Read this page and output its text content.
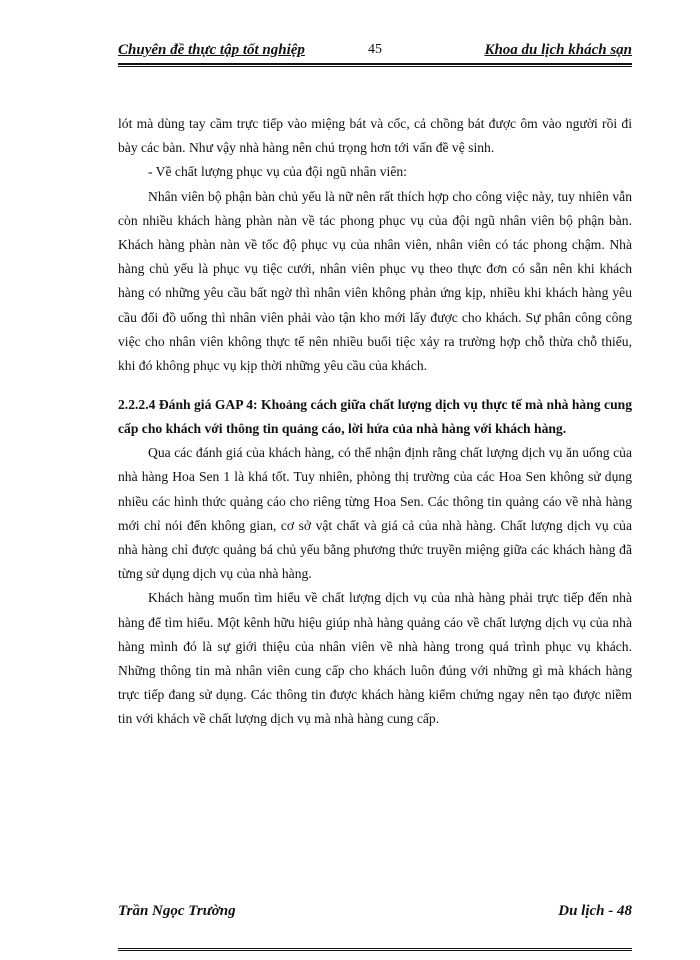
Chuyên đề thực tập tốt nghiệp	45	Khoa du lịch khách sạn

lót mà dùng tay cầm trực tiếp vào miệng bát và cốc, cả chồng bát được ôm vào người rồi đi bày các bàn. Như vậy nhà hàng nên chú trọng hơn tới vấn đề vệ sinh.

- Về chất lượng phục vụ của đội ngũ nhân viên:

Nhân viên bộ phận bàn chủ yếu là nữ nên rất thích hợp cho công việc này, tuy nhiên vẫn còn nhiều khách hàng phàn nàn về tác phong phục vụ của đội ngũ nhân viên bộ phận bàn. Khách hàng phàn nàn về tốc độ phục vụ của nhân viên, nhân viên có tác phong chậm. Nhà hàng chủ yếu là phục vụ tiệc cưới, nhân viên phục vụ theo thực đơn có sẵn nên khi khách hàng có những yêu cầu bất ngờ thì nhân viên không phản ứng kịp, nhiều khi khách hàng yêu cầu đổi đồ uống thì nhân viên phải vào tận kho mới lấy được cho khách. Sự phân công công việc cho nhân viên không thực tế nên nhiều buổi tiệc xảy ra trường hợp chỗ thừa chỗ thiếu, khi đó không phục vụ kịp thời những yêu cầu của khách.

2.2.2.4 Đánh giá GAP 4: Khoảng cách giữa chất lượng dịch vụ thực tế mà nhà hàng cung cấp cho khách với thông tin quảng cáo, lời hứa của nhà hàng với khách hàng.

Qua các đánh giá của khách hàng, có thể nhận định rằng chất lượng dịch vụ ăn uống của nhà hàng Hoa Sen 1 là khá tốt. Tuy nhiên, phòng thị trường của các Hoa Sen không sử dụng nhiều các hình thức quảng cáo cho riêng từng Hoa Sen. Các thông tin quảng cáo về nhà hàng mới chỉ nói đến không gian, cơ sở vật chất và giá cả của nhà hàng. Chất lượng dịch vụ của nhà hàng chỉ được quảng bá chủ yếu bằng phương thức truyền miệng giữa các khách hàng đã từng sử dụng dịch vụ của nhà hàng.

Khách hàng muốn tìm hiểu về chất lượng dịch vụ của nhà hàng phải trực tiếp đến nhà hàng để tìm hiểu. Một kênh hữu hiệu giúp nhà hàng quảng cáo về chất lượng dịch vụ của nhà hàng mình đó là sự giới thiệu của nhân viên về nhà hàng trong quá trình phục vụ khách. Những thông tin mà nhân viên cung cấp cho khách luôn đúng với những gì mà khách hàng trực tiếp đang sử dụng. Các thông tin được khách hàng kiểm chứng ngay nên tạo được niềm tin với khách về chất lượng dịch vụ mà nhà hàng cung cấp.

Trần Ngọc Trường	Du lịch - 48
